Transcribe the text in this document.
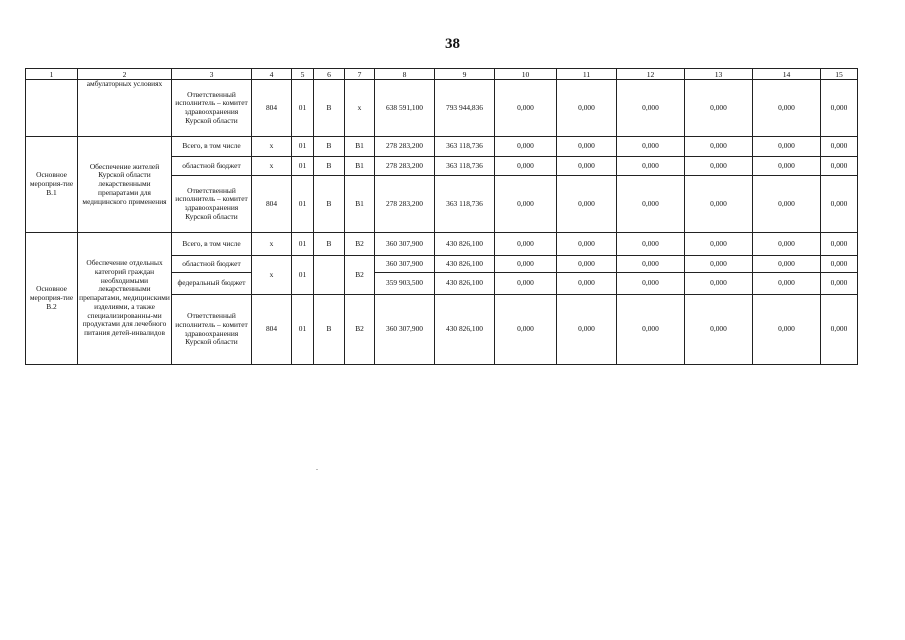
38
1	2	3	4	5	6	7	8	9	10	11	12	13	14	15
	амбулаторных условиях	Ответственный исполнитель – комитет здравоохранения Курской области	804	01	В	х	638 591,100	793 944,836	0,000	0,000	0,000	0,000	0,000	0,000
Основное мероприя-тие В.1	Обеспечение жителей Курской области лекарственными препаратами для медицинского применения	Всего, в том числе	х	01	В	В1	278 283,200	363 118,736	0,000	0,000	0,000	0,000	0,000	0,000
		областной бюджет	х	01	В	В1	278 283,200	363 118,736	0,000	0,000	0,000	0,000	0,000	0,000
		Ответственный исполнитель – комитет здравоохранения Курской области	804	01	В	В1	278 283,200	363 118,736	0,000	0,000	0,000	0,000	0,000	0,000
Основное мероприя-тие В.2	Обеспечение отдельных категорий граждан необходимыми лекарственными препаратами, медицинскими изделиями, а также специализированны-ми продуктами для лечебного питания детей-инвалидов	Всего, в том числе	х	01	В	В2	360 307,900	430 826,100	0,000	0,000	0,000	0,000	0,000	0,000
		областной бюджет	х	01		В2	360 307,900	430 826,100	0,000	0,000	0,000	0,000	0,000	0,000
		федеральный бюджет					359 903,500	430 826,100	0,000	0,000	0,000	0,000	0,000	0,000
		Ответственный исполнитель – комитет здравоохранения Курской области	804	01	В	В2	360 307,900	430 826,100	0,000	0,000	0,000	0,000	0,000	0,000
